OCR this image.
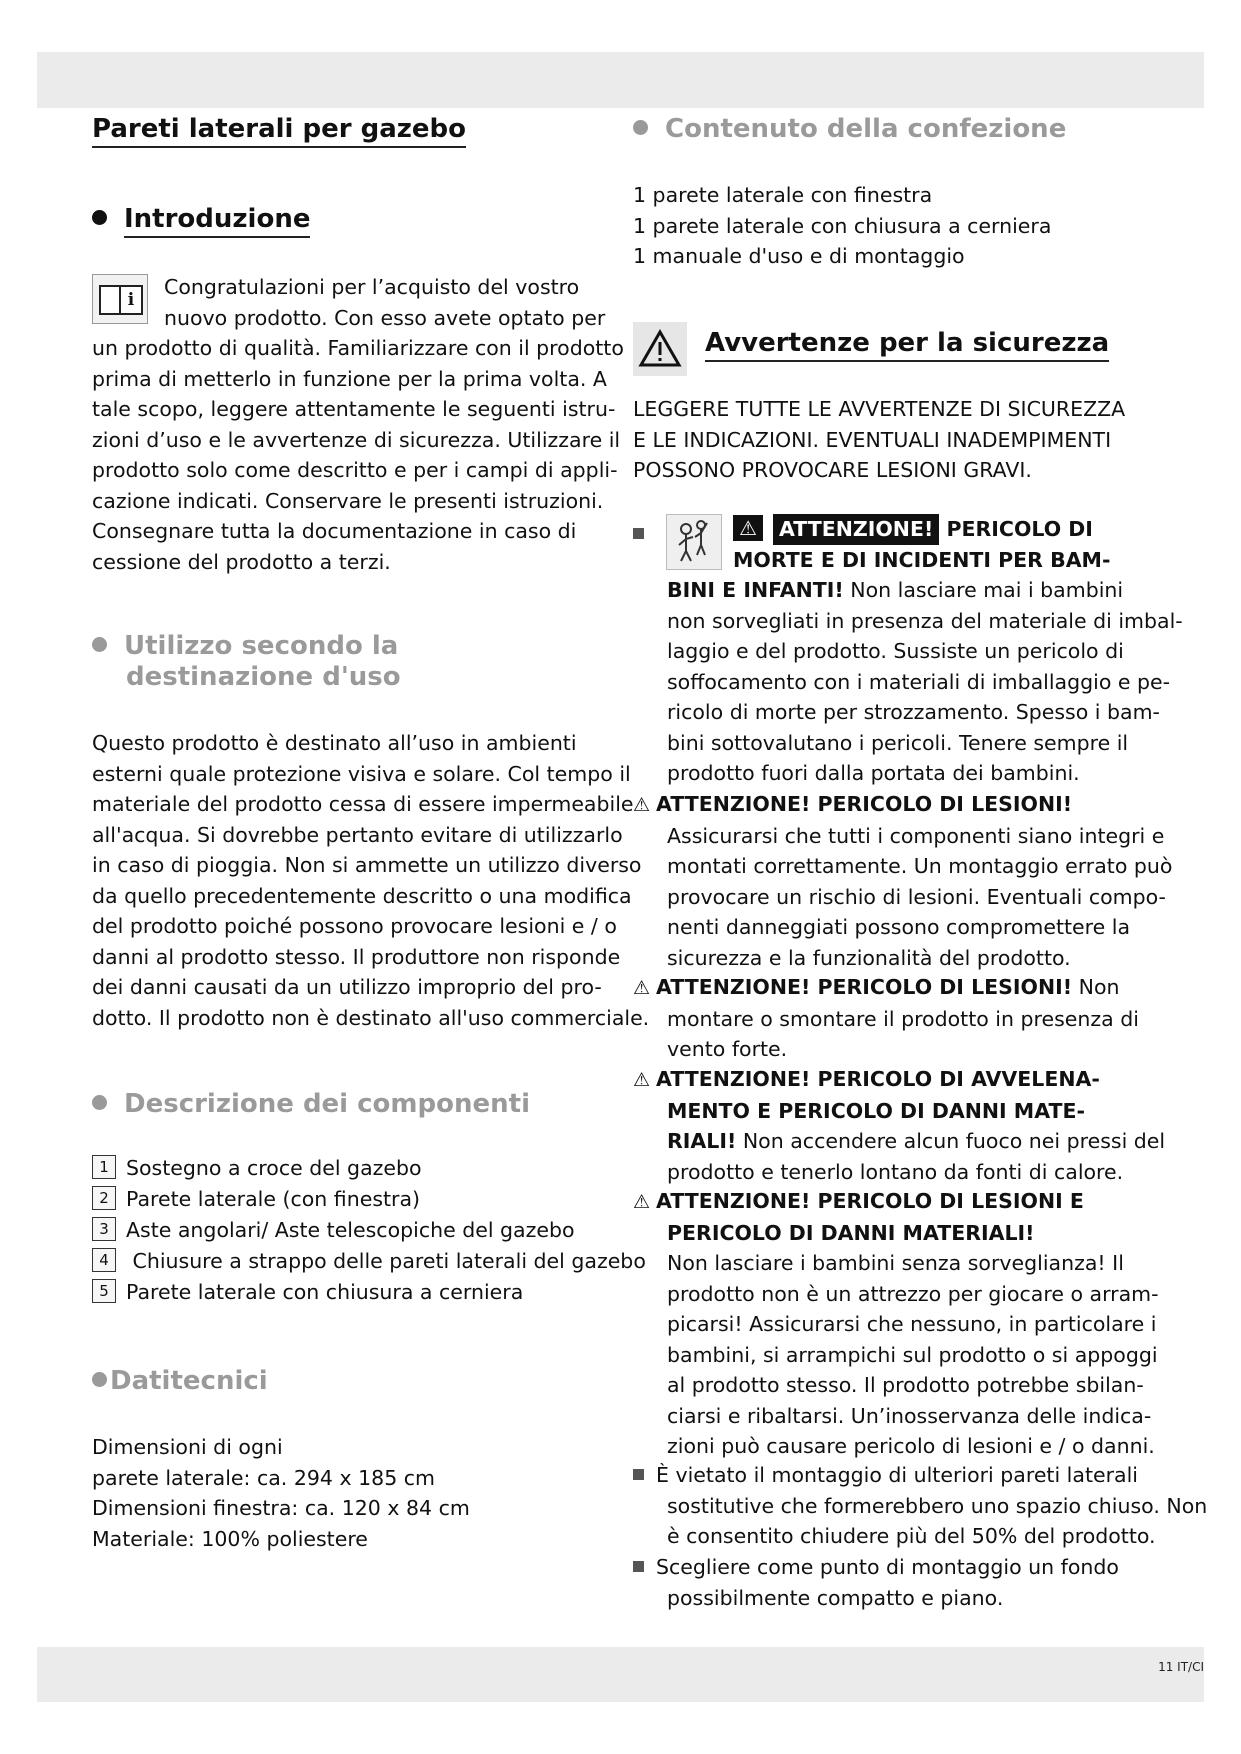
11 IT/CI
Pareti laterali per gazebo
Introduzione
i

Congratulazioni per l’acquisto del vostro

nuovo prodotto. Con esso avete optato per

un prodotto di qualità. Familiarizzare con il prodotto

prima di metterlo in funzione per la prima volta. A

tale scopo, leggere attentamente le seguenti istru-

zioni d’uso e le avvertenze di sicurezza. Utilizzare il

prodotto solo come descritto e per i campi di appli-

cazione indicati. Conservare le presenti istruzioni.

Consegnare tutta la documentazione in caso di

cessione del prodotto a terzi.

Utilizzo secondo la
destinazione d'uso

Questo prodotto è destinato all’uso in ambienti

esterni quale protezione visiva e solare. Col tempo il

materiale del prodotto cessa di essere impermeabile

all'acqua. Si dovrebbe pertanto evitare di utilizzarlo

in caso di pioggia. Non si ammette un utilizzo diverso

da quello precedentemente descritto o una modifica

del prodotto poiché possono provocare lesioni e / o

danni al prodotto stesso. Il produttore non risponde

dei danni causati da un utilizzo improprio del pro-

dotto. Il prodotto non è destinato all'uso commerciale.

Descrizione dei componenti
1 Sostegno a croce del gazebo
2 Parete laterale (con finestra)
3 Aste angolari/ Aste telescopiche del gazebo
4 Chiusure a strappo delle pareti laterali del gazebo
5 Parete laterale con chiusura a cerniera
Datitecnici

Dimensioni di ogni

parete laterale: ca. 294 x 185 cm

Dimensioni finestra: ca. 120 x 84 cm

Materiale: 100% poliestere

Contenuto della confezione

1 parete laterale con finestra

1 parete laterale con chiusura a cerniera

1 manuale d'uso e di montaggio

Avvertenze per la sicurezza

LEGGERE TUTTE LE AVVERTENZE DI SICUREZZA

E LE INDICAZIONI. EVENTUALI INADEMPIMENTI

POSSONO PROVOCARE LESIONI GRAVI.

⚠ ATTENZIONE! PERICOLO DI

MORTE E DI INCIDENTI PER BAM-

BINI E INFANTI! Non lasciare mai i bambini

non sorvegliati in presenza del materiale di imbal-

laggio e del prodotto. Sussiste un pericolo di

soffocamento con i materiali di imballaggio e pe-

ricolo di morte per strozzamento. Spesso i bam-

bini sottovalutano i pericoli. Tenere sempre il

prodotto fuori dalla portata dei bambini.

⚠ ATTENZIONE! PERICOLO DI LESIONI!

Assicurarsi che tutti i componenti siano integri e

montati correttamente. Un montaggio errato può

provocare un rischio di lesioni. Eventuali compo-

nenti danneggiati possono compromettere la

sicurezza e la funzionalità del prodotto.

⚠ ATTENZIONE! PERICOLO DI LESIONI! Non

montare o smontare il prodotto in presenza di

vento forte.

⚠ ATTENZIONE! PERICOLO DI AVVELENA-

MENTO E PERICOLO DI DANNI MATE-

RIALI! Non accendere alcun fuoco nei pressi del

prodotto e tenerlo lontano da fonti di calore.

⚠ ATTENZIONE! PERICOLO DI LESIONI E

PERICOLO DI DANNI MATERIALI!

Non lasciare i bambini senza sorveglianza! Il

prodotto non è un attrezzo per giocare o arram-

picarsi! Assicurarsi che nessuno, in particolare i

bambini, si arrampichi sul prodotto o si appoggi

al prodotto stesso. Il prodotto potrebbe sbilan-

ciarsi e ribaltarsi. Un’inosservanza delle indica-

zioni può causare pericolo di lesioni e / o danni.

È vietato il montaggio di ulteriori pareti laterali

sostitutive che formerebbero uno spazio chiuso. Non

è consentito chiudere più del 50% del prodotto.

Scegliere come punto di montaggio un fondo

possibilmente compatto e piano.
